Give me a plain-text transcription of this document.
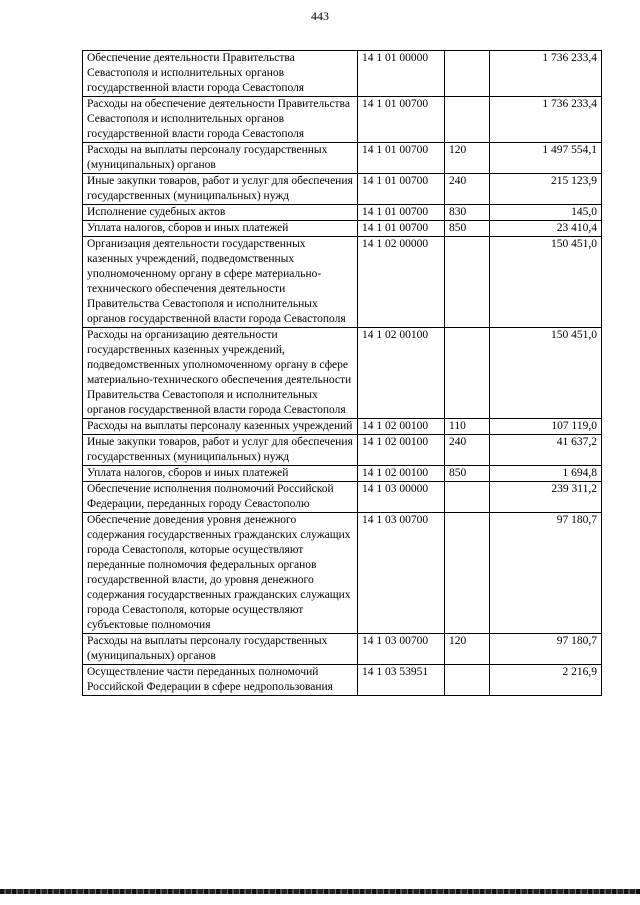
443
Обеспечение деятельности Правительства Севастополя и исполнительных органов государственной власти города Севастополя	14 1 01 00000		1 736 233,4
Расходы на обеспечение деятельности Правительства Севастополя и исполнительных органов государственной власти города Севастополя	14 1 01 00700		1 736 233,4
Расходы на выплаты персоналу государственных (муниципальных) органов	14 1 01 00700	120	1 497 554,1
Иные закупки товаров, работ и услуг для обеспечения государственных (муниципальных) нужд	14 1 01 00700	240	215 123,9
Исполнение судебных актов	14 1 01 00700	830	145,0
Уплата налогов, сборов и иных платежей	14 1 01 00700	850	23 410,4
Организация деятельности государственных казенных учреждений, подведомственных уполномоченному органу в сфере материально-технического обеспечения деятельности Правительства Севастополя и исполнительных органов государственной власти города Севастополя	14 1 02 00000		150 451,0
Расходы на организацию деятельности государственных казенных учреждений, подведомственных уполномоченному органу в сфере материально-технического обеспечения деятельности Правительства Севастополя и исполнительных органов государственной власти города Севастополя	14 1 02 00100		150 451,0
Расходы на выплаты персоналу казенных учреждений	14 1 02 00100	110	107 119,0
Иные закупки товаров, работ и услуг для обеспечения государственных (муниципальных) нужд	14 1 02 00100	240	41 637,2
Уплата налогов, сборов и иных платежей	14 1 02 00100	850	1 694,8
Обеспечение исполнения полномочий Российской Федерации, переданных городу Севастополю	14 1 03 00000		239 311,2
Обеспечение доведения уровня денежного содержания государственных гражданских служащих города Севастополя, которые осуществляют переданные полномочия федеральных органов государственной власти, до уровня денежного содержания государственных гражданских служащих города Севастополя, которые осуществляют субъектовые полномочия	14 1 03 00700		97 180,7
Расходы на выплаты персоналу государственных (муниципальных) органов	14 1 03 00700	120	97 180,7
Осуществление части переданных полномочий Российской Федерации в сфере недропользования	14 1 03 53951		2 216,9
